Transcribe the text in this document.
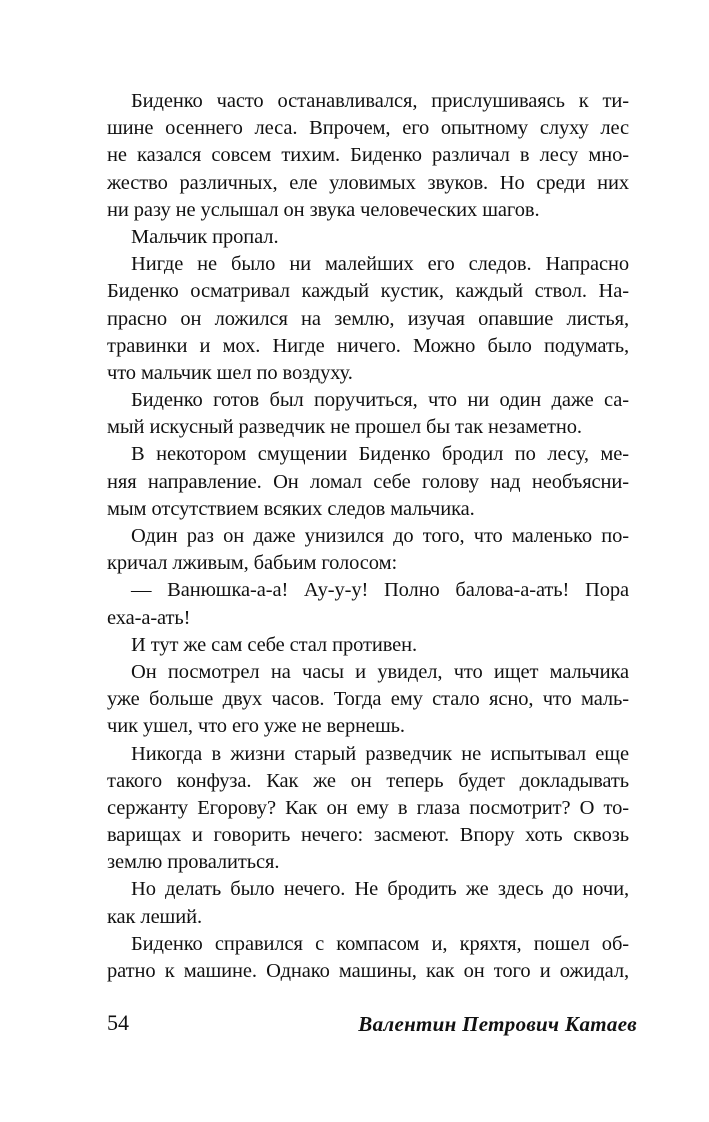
Биденко часто останавливался, прислушиваясь к ти-
шине осеннего леса. Впрочем, его опытному слуху лес
не казался совсем тихим. Биденко различал в лесу мно-
жество различных, еле уловимых звуков. Но среди них
ни разу не услышал он звука человеческих шагов.
Мальчик пропал.
Нигде не было ни малейших его следов. Напрасно
Биденко осматривал каждый кустик, каждый ствол. На-
прасно он ложился на землю, изучая опавшие листья,
травинки и мох. Нигде ничего. Можно было подумать,
что мальчик шел по воздуху.
Биденко готов был поручиться, что ни один даже са-
мый искусный разведчик не прошел бы так незаметно.
В некотором смущении Биденко бродил по лесу, ме-
няя направление. Он ломал себе голову над необъясни-
мым отсутствием всяких следов мальчика.
Один раз он даже унизился до того, что маленько по-
кричал лживым, бабьим голосом:
— Ванюшка-а-а! Ау-у-у! Полно балова-а-ать! Пора
еха-а-ать!
И тут же сам себе стал противен.
Он посмотрел на часы и увидел, что ищет мальчика
уже больше двух часов. Тогда ему стало ясно, что маль-
чик ушел, что его уже не вернешь.
Никогда в жизни старый разведчик не испытывал еще
такого конфуза. Как же он теперь будет докладывать
сержанту Егорову? Как он ему в глаза посмотрит? О то-
варищах и говорить нечего: засмеют. Впору хоть сквозь
землю провалиться.
Но делать было нечего. Не бродить же здесь до ночи,
как леший.
Биденко справился с компасом и, кряхтя, пошел об-
ратно к машине. Однако машины, как он того и ожидал,
54	Валентин Петрович Катаев
